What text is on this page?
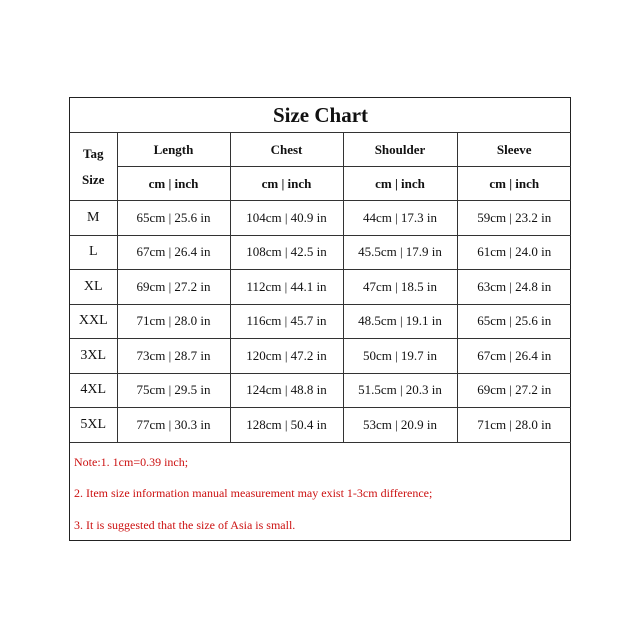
Size Chart				

Tag
Size	Length	Chest	Shoulder	Sleeve
	cm | inch	cm | inch	cm | inch	cm | inch
M	65cm | 25.6 in	104cm | 40.9 in	44cm | 17.3 in	59cm | 23.2 in
L	67cm | 26.4 in	108cm | 42.5 in	45.5cm | 17.9 in	61cm | 24.0 in
XL	69cm | 27.2 in	112cm | 44.1 in	47cm | 18.5 in	63cm | 24.8 in
XXL	71cm | 28.0 in	116cm | 45.7 in	48.5cm | 19.1 in	65cm | 25.6 in
3XL	73cm | 28.7 in	120cm | 47.2 in	50cm | 19.7 in	67cm | 26.4 in
4XL	75cm | 29.5 in	124cm | 48.8 in	51.5cm | 20.3 in	69cm | 27.2 in
5XL	77cm | 30.3 in	128cm | 50.4 in	53cm | 20.9 in	71cm | 28.0 in
Note:1. 1cm=0.39 inch;
2. Item size information manual measurement may exist 1-3cm difference;
3. It is suggested that the size of Asia is small.
